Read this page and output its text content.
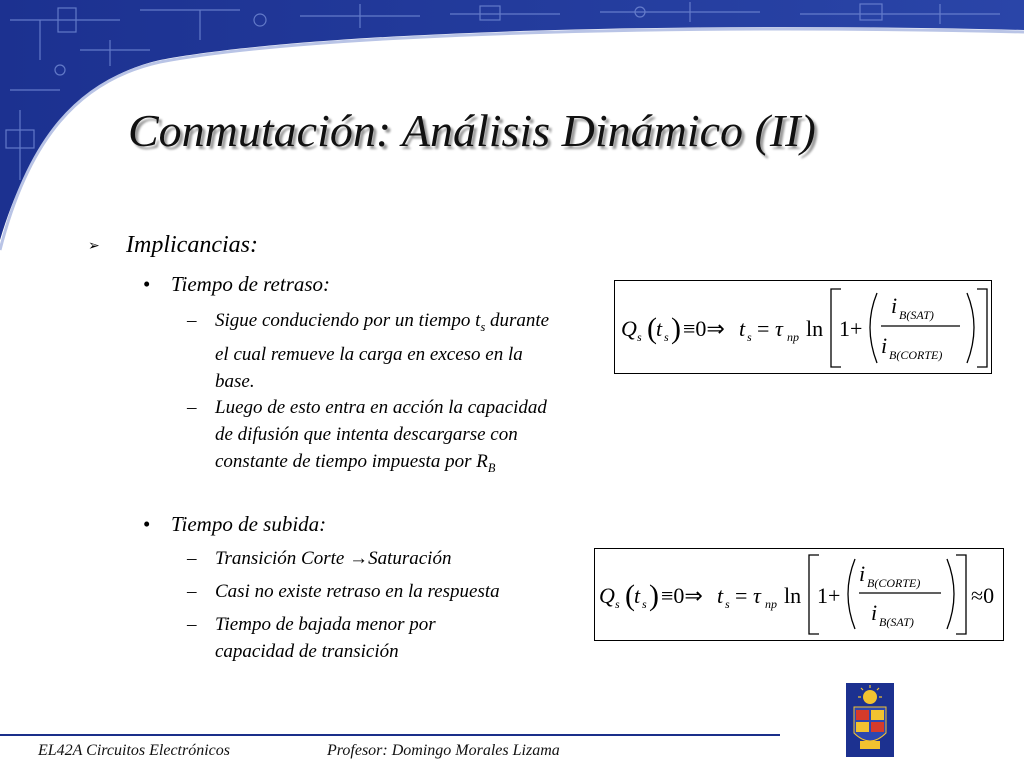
Conmutación: Análisis Dinámico (II)
➢ Implicancias:
• Tiempo de retraso:
– Sigue conduciendo por un tiempo $t_s$ durante el cual remueve la carga en exceso en la base.
– Luego de esto entra en acción la capacidad de difusión que intenta descargarse con constante de tiempo impuesta por $R_B$
• Tiempo de subida:
– Transición Corte →Saturación
– Casi no existe retraso en la respuesta
– Tiempo de bajada menor por capacidad de transición
Q s ( t s ) ≡0⇒ t s = τ np ln 1+
i B(SAT)
i B(CORTE)
Q s ( t s ) ≡0⇒ t s = τ np ln 1+
i B(CORTE)
i B(SAT)
≈0
EL42A Circuitos Electrónicos	Profesor: Domingo Morales Lizama
